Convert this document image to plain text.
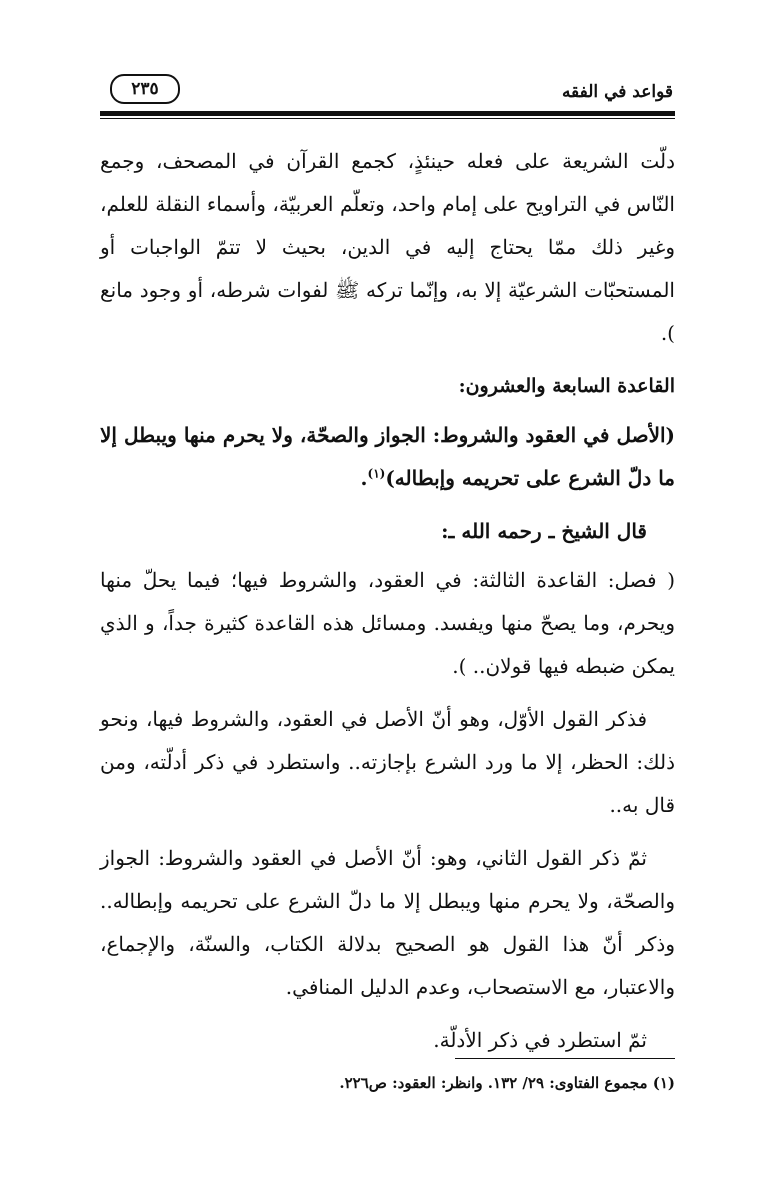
قواعد في الفقه
٢٣٥

دلّت الشريعة على فعله حينئذٍ، كجمع القرآن في المصحف، وجمع النّاس في التراويح على إمام واحد، وتعلّم العربيّة، وأسماء النقلة للعلم، وغير ذلك ممّا يحتاج إليه في الدين، بحيث لا تتمّ الواجبات أو المستحبّات الشرعيّة إلا به، وإنّما تركه ﷺ لفوات شرطه، أو وجود مانع ).

القاعدة السابعة والعشرون:

(الأصل في العقود والشروط: الجواز والصحّة، ولا يحرم منها ويبطل إلا ما دلّ الشرع على تحريمه وإبطاله)$^{(١)}$.

قال الشيخ ـ رحمه الله ـ:

( فصل: القاعدة الثالثة: في العقود، والشروط فيها؛ فيما يحلّ منها ويحرم، وما يصحّ منها ويفسد. ومسائل هذه القاعدة كثيرة جداً، و الذي يمكن ضبطه فيها قولان.. ).

فذكر القول الأوّل، وهو أنّ الأصل في العقود، والشروط فيها، ونحو ذلك: الحظر، إلا ما ورد الشرع بإجازته.. واستطرد في ذكر أدلّته، ومن قال به..

ثمّ ذكر القول الثاني، وهو: أنّ الأصل في العقود والشروط: الجواز والصحّة، ولا يحرم منها ويبطل إلا ما دلّ الشرع على تحريمه وإبطاله.. وذكر أنّ هذا القول هو الصحيح بدلالة الكتاب، والسنّة، والإجماع، والاعتبار، مع الاستصحاب، وعدم الدليل المنافي.

ثمّ استطرد في ذكر الأدلّة.

(١) مجموع الفتاوى: ٢٩/ ١٣٢. وانظر: العقود: ص٢٢٦.
